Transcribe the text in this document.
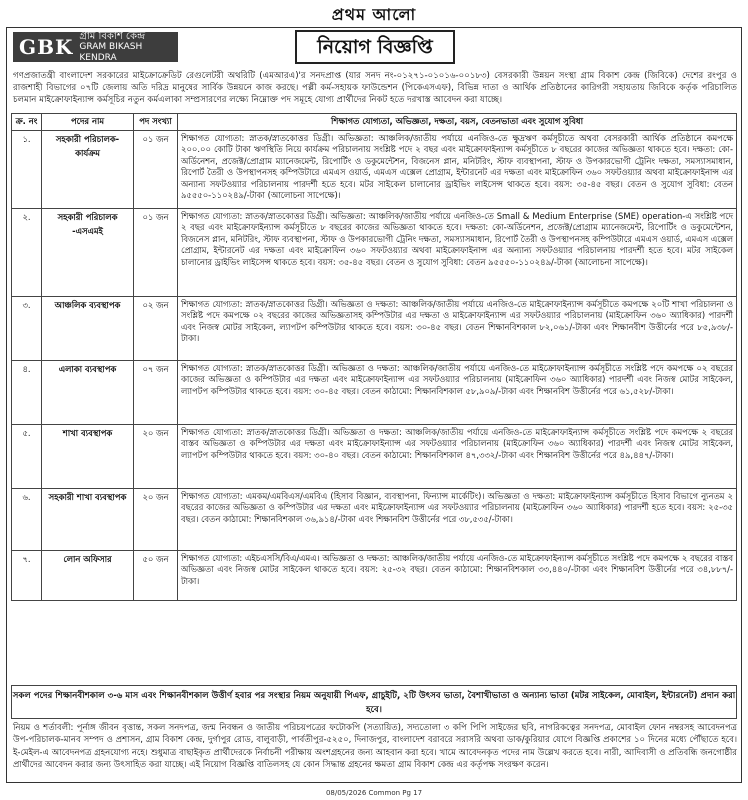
প্রথম আলো
GBK গ্রাম বিকাশ কেন্দ্র
GRAM BIKASH KENDRA	নিয়োগ বিজ্ঞপ্তি
গণপ্রজাতন্ত্রী বাংলাদেশ সরকারের মাইক্রোক্রেডিট রেগুলেটরী অথরিটি (এমআরএ)'র সনদপ্রাপ্ত (যার সনদ নং-০১২৭১-০১০১৬-০০১৮৩) বেসরকারী উন্নয়ন সংস্থা গ্রাম বিকাশ কেন্দ্র (জিবিকে) দেশের রংপুর ও রাজশাহী বিভাগের ০৭টি জেলায় অতি দরিদ্র মানুষের সার্বিক উন্নয়নে কাজ করছে। পল্লী কর্ম-সহায়ক ফাউন্ডেশন (পিকেএসএফ), বিভিন্ন দাতা ও আর্থিক প্রতিষ্ঠানের কারিগরী সহায়তায় জিবিকে কর্তৃক পরিচালিত চলমান মাইক্রোফাইন্যান্স কর্মসূচির নতুন কর্মএলাকা সম্প্রসারণের লক্ষ্যে নিম্নোক্ত পদ সমূহে যোগ্য প্রার্থীদের নিকট হতে দরখাস্ত আবেদন করা যাচ্ছে।
ক্র. নং	পদের নাম	পদ সংখ্যা	শিক্ষাগত যোগ্যতা, অভিজ্ঞতা, দক্ষতা, বয়স, বেতনভাতা এবং সুযোগ সুবিধা
১.	সহকারী পরিচালক-কার্যক্রম	০১ জন	শিক্ষাগত যোগ্যতা: স্নাতক/স্নাতকোত্তর ডিগ্রী। অভিজ্ঞতা: আঞ্চলিক/জাতীয় পর্যায়ে এনজিও-তে ক্ষুদ্রঋণ কর্মসূচীতে অথবা বেসরকারী আর্থিক প্রতিষ্ঠানে কমপক্ষে ২০০.০০ কোটি টাকা ঋণস্থিতি নিয়ে কার্যক্রম পরিচালনায় সংশ্লিষ্ট পদে ২ বছর এবং মাইক্রোফাইন্যান্স কর্মসূচীতে ৮ বছরের কাজের অভিজ্ঞতা থাকতে হবে। দক্ষতা: কো-অর্ডিনেশন, প্রজেক্ট/প্রোগ্রাম ম্যানেজমেন্ট, রিপোর্টিং ও ডকুমেন্টেশন, বিজনেস প্লান, মনিটরিং, স্টাফ ব্যবস্থাপনা, স্টাফ ও উপকারভোগী ট্রেনিং দক্ষতা, সমস্যাসমাধান, রিপোর্ট তৈরী ও উপস্থাপনসহ কম্পিউটারে এমএস ওয়ার্ড, এমএস এক্সেল প্রোগ্রাম, ইন্টারনেট এর দক্ষতা এবং মাইক্রোফিন ৩৬০ সফটওয়্যার অথবা মাইক্রোফাইনান্স এর অন্যান্য সফটওয়্যার পরিচালনায় পারদর্শী হতে হবে। মটর সাইকেল চালানোর ড্রাইভিং লাইসেন্স থাকতে হবে। বয়স: ৩৫-৪৫ বছর। বেতন ও সুযোগ সুবিধা: বেতন ৯৫৫৫০-১১০২৪৯/-টাকা (আলোচনা সাপেক্ষে)।
২.	সহকারী পরিচালক -এসএমই	০১ জন	শিক্ষাগত যোগ্যতা: স্নাতক/স্নাতকোত্তর ডিগ্রী। অভিজ্ঞতা: আঞ্চলিক/জাতীয় পর্যায়ে এনজিও-তে Small & Medium Enterprise (SME) operation-এ সংশ্লিষ্ট পদে ২ বছর এবং মাইক্রোফাইন্যান্স কর্মসূচীতে ৮ বছরের কাজের অভিজ্ঞতা থাকতে হবে। দক্ষতা: কো-অর্ডিনেশন, প্রজেক্ট/প্রোগ্রাম ম্যানেজমেন্ট, রিপোর্টিং ও ডকুমেন্টেশন, বিজনেস প্লান, মনিটরিং, স্টাফ ব্যবস্থাপনা, স্টাফ ও উপকারভোগী ট্রেনিং দক্ষতা, সমস্যাসমাধান, রিপোর্ট তৈরী ও উপস্থাপনসহ কম্পিউটারে এমএস ওয়ার্ড, এমএস এক্সেল প্রোগ্রাম, ইন্টারনেট এর দক্ষতা এবং মাইক্রোফিন ৩৬০ সফটওয়্যার অথবা মাইক্রোফাইনান্স এর অন্যান্য সফটওয়্যার পরিচালনায় পারদর্শী হতে হবে। মটর সাইকেল চালানোর ড্রাইভিং লাইসেন্স থাকতে হবে। বয়স: ৩৫-৪৫ বছর। বেতন ও সুযোগ সুবিধা: বেতন ৯৫৫৫০-১১০২৪৯/-টাকা (আলোচনা সাপেক্ষে)।
৩.	আঞ্চলিক ব্যবস্থাপক	০২ জন	শিক্ষাগত যোগ্যতা: স্নাতক/স্নাতকোত্তর ডিগ্রী। অভিজ্ঞতা ও দক্ষতা: আঞ্চলিক/জাতীয় পর্যায়ে এনজিও-তে মাইক্রোফাইন্যান্স কর্মসূচীতে কমপক্ষে ২০টি শাখা পরিচালনা ও সংশ্লিষ্ট পদে কমপক্ষে ০২ বছরের কাজের অভিজ্ঞতাসহ কম্পিউটার এর দক্ষতা ও মাইক্রোফাইন্যান্স এর সফটওয়্যার পরিচালনায় (মাইক্রোফিন ৩৬০ অ্যাধিকার) পারদর্শী এবং নিজস্ব মোটর সাইকেল, ল্যাপটপ কম্পিউটার থাকতে হবে। বয়স: ৩০-৪৫ বছর। বেতন শিক্ষানবিশকাল ৮২,০৬১/-টাকা এবং শিক্ষানবীশ উত্তীর্নের পরে ৮৫,৯৩৮/-টাকা।
৪.	এলাকা ব্যবস্থাপক	০৭ জন	শিক্ষাগত যোগ্যতা: স্নাতক/স্নাতকোত্তর ডিগ্রী। অভিজ্ঞতা ও দক্ষতা: আঞ্চলিক/জাতীয় পর্যায়ে এনজিও-তে মাইক্রোফাইন্যান্স কর্মসূচীতে সংশ্লিষ্ট পদে কমপক্ষে ০২ বছরের কাজের অভিজ্ঞতা ও কম্পিউটার এর দক্ষতা এবং মাইক্রোফাইন্যান্স এর সফটওয়্যার পরিচালনায় (মাইক্রোফিন ৩৬০ অ্যাধিকার) পারদর্শী এবং নিজস্ব মোটর সাইকেল, ল্যাপটপ কম্পিউটার থাকতে হবে। বয়স: ৩০-৪৫ বছর। বেতন কাঠামো: শিক্ষানবিশকাল ৫৮,৯০৯/-টাকা এবং শিক্ষানবিশ উত্তীর্নের পরে ৬১,৫২৮/-টাকা।
৫.	শাখা ব্যবস্থাপক	২০ জন	শিক্ষাগত যোগ্যতা: স্নাতক/স্নাতকোত্তর ডিগ্রী। অভিজ্ঞতা ও দক্ষতা: আঞ্চলিক/জাতীয় পর্যায়ে এনজিও-তে মাইক্রোফাইন্যান্স কর্মসূচীতে সংশ্লিষ্ট পদে কমপক্ষে ২ বছরের বাস্তব অভিজ্ঞতা ও কম্পিউটার এর দক্ষতা এবং মাইক্রোফাইন্যান্স এর সফটওয়্যার পরিচালনায় (মাইক্রোফিন ৩৬০ অ্যাধিকার) পারদর্শী এবং নিজস্ব মোটর সাইকেল, ল্যাপটপ কম্পিউটার থাকতে হবে। বয়স: ৩০-৪০ বছর। বেতন কাঠামো: শিক্ষানবিশকাল ৪৭,৩৩২/-টাকা এবং শিক্ষানবিশ উত্তীর্নের পরে ৪৯,৪৪৭/-টাকা।
৬.	সহকারী শাখা ব্যবস্থাপক	২০ জন	শিক্ষাগত যোগ্যতা: এমকম/এমবিএস/এমবিএ (হিসাব বিজ্ঞান, ব্যবস্থাপনা, ফিন্যান্স মার্কেটিং)। অভিজ্ঞতা ও দক্ষতা: মাইক্রোফাইন্যান্স কর্মসূচীতে হিসাব বিভাগে ন্যুনতম ২ বছরের কাজের অভিজ্ঞতা ও কম্পিউটার এর দক্ষতা এবং মাইক্রোফাইন্যান্স এর সফটওয়্যার পরিচালনায় (মাইক্রোফিন ৩৬০ অ্যাধিকার) পারদর্শী হতে হবে। বয়স: ২৫-৩৫ বছর। বেতন কাঠামো: শিক্ষানবিশকাল ৩৬,৯১৪/-টাকা এবং শিক্ষানবিশ উত্তীর্নের পরে ৩৮,৫৩৫/-টাকা।
৭.	লোন অফিসার	৫০ জন	শিক্ষাগত যোগ্যতা: এইচএসসি/বিএ/এমএ। অভিজ্ঞতা ও দক্ষতা: আঞ্চলিক/জাতীয় পর্যায়ে এনজিও-তে মাইক্রোফাইন্যান্স কর্মসূচীতে সংশ্লিষ্ট পদে কমপক্ষে ২ বছরের বাস্তব অভিজ্ঞতা এবং নিজস্ব মোটর সাইকেল থাকতে হবে। বয়স: ২৫-৩২ বছর। বেতন কাঠামো: শিক্ষানবিশকাল ৩৩,৪৪০/-টাকা এবং শিক্ষানবিশ উত্তীর্নের পরে ৩৪,৮৮৭/-টাকা।
সকল পদের শিক্ষানবীশকাল ৩-৬ মাস এবং শিক্ষানবীশকাল উত্তীর্ণ হবার পর সংস্থার নিয়ম অনুযায়ী পিএফ, গ্রাচুইটি, ২টি উৎসব ভাতা, বৈশাখীভাতা ও অন্যান্য ভাতা (মটর সাইকেল, মোবাইল, ইন্টারনেট) প্রদান করা হবে।
নিয়ম ও শর্তাবলী: পূর্নাঙ্গ জীবন বৃত্তান্ত, সকল সনদপত্র, জন্ম নিবন্ধন ও জাতীয় পরিচয়পত্রের ফটোকপি (সত্যায়িত), সদ্যতোলা ৩ কপি পিপি সাইজের ছবি, নাগরিকত্বের সনদপত্র, মোবাইল ফোন নম্বরসহ আবেদনপত্র উপ-পরিচালক-মানব সম্পদ ও প্রশাসন, গ্রাম বিকাশ কেন্দ্র, দুর্গাপুর রোড, বালুবাড়ী, পার্বতীপুর-৫২৫০, দিনাজপুর, বাংলাদেশ বরাবরে সরাসরি অথবা ডাক/কুরিয়ার যোগে বিজ্ঞপ্তি প্রকাশের ১০ দিনের মধ্যে পৌঁছাতে হবে। ই-মেইল-এ আবেদনপত্র গ্রহনযোগ্য নহে। শুধুমাত্র বাছাইকৃত প্রার্থীদেরকে নির্বাচনী পরীক্ষায় অংশগ্রহনের জন্য আহবান করা হবে। খামে আবেদনকৃত পদের নাম উল্লেখ করতে হবে। নারী, আদিবাসী ও প্রতিবন্ধি জনগোষ্ঠীর প্রার্থীদের আবেদন করার জন্য উৎসাহিত করা যাচ্ছে। এই নিয়োগ বিজ্ঞপ্তি বাতিলসহ যে কোন সিদ্ধান্ত গ্রহনের ক্ষমতা গ্রাম বিকাশ কেন্দ্র এর কর্তৃপক্ষ সংরক্ষণ করেন।
08/05/2026 Common Pg 17
